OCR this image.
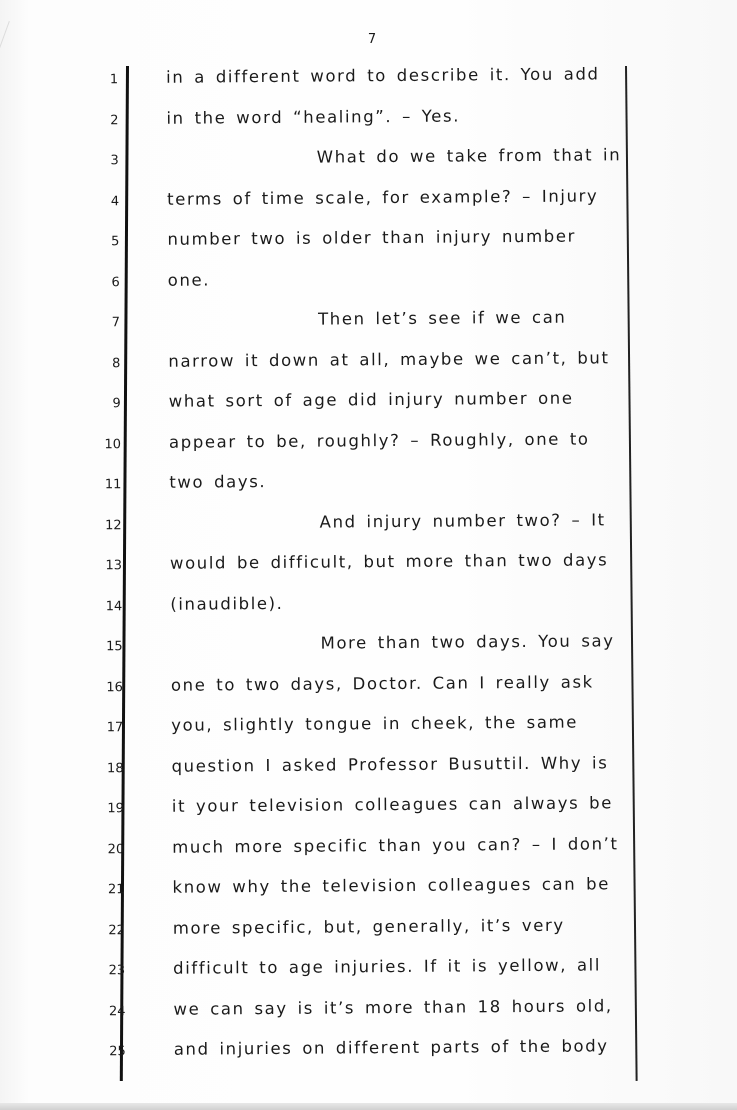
7
1	in a different word to describe it. You add
2	in the word “healing”. – Yes.
3	What do we take from that in
4	terms of time scale, for example? – Injury
5	number two is older than injury number
6	one.
7	Then let’s see if we can
8	narrow it down at all, maybe we can’t, but
9	what sort of age did injury number one
10	appear to be, roughly? – Roughly, one to
11	two days.
12	And injury number two? – It
13	would be difficult, but more than two days
14	(inaudible).
15	More than two days. You say
16	one to two days, Doctor. Can I really ask
17	you, slightly tongue in cheek, the same
18	question I asked Professor Busuttil. Why is
19	it your television colleagues can always be
20	much more specific than you can? – I don’t
21	know why the television colleagues can be
22	more specific, but, generally, it’s very
23	difficult to age injuries. If it is yellow, all
24	we can say is it’s more than 18 hours old,
25	and injuries on different parts of the body
